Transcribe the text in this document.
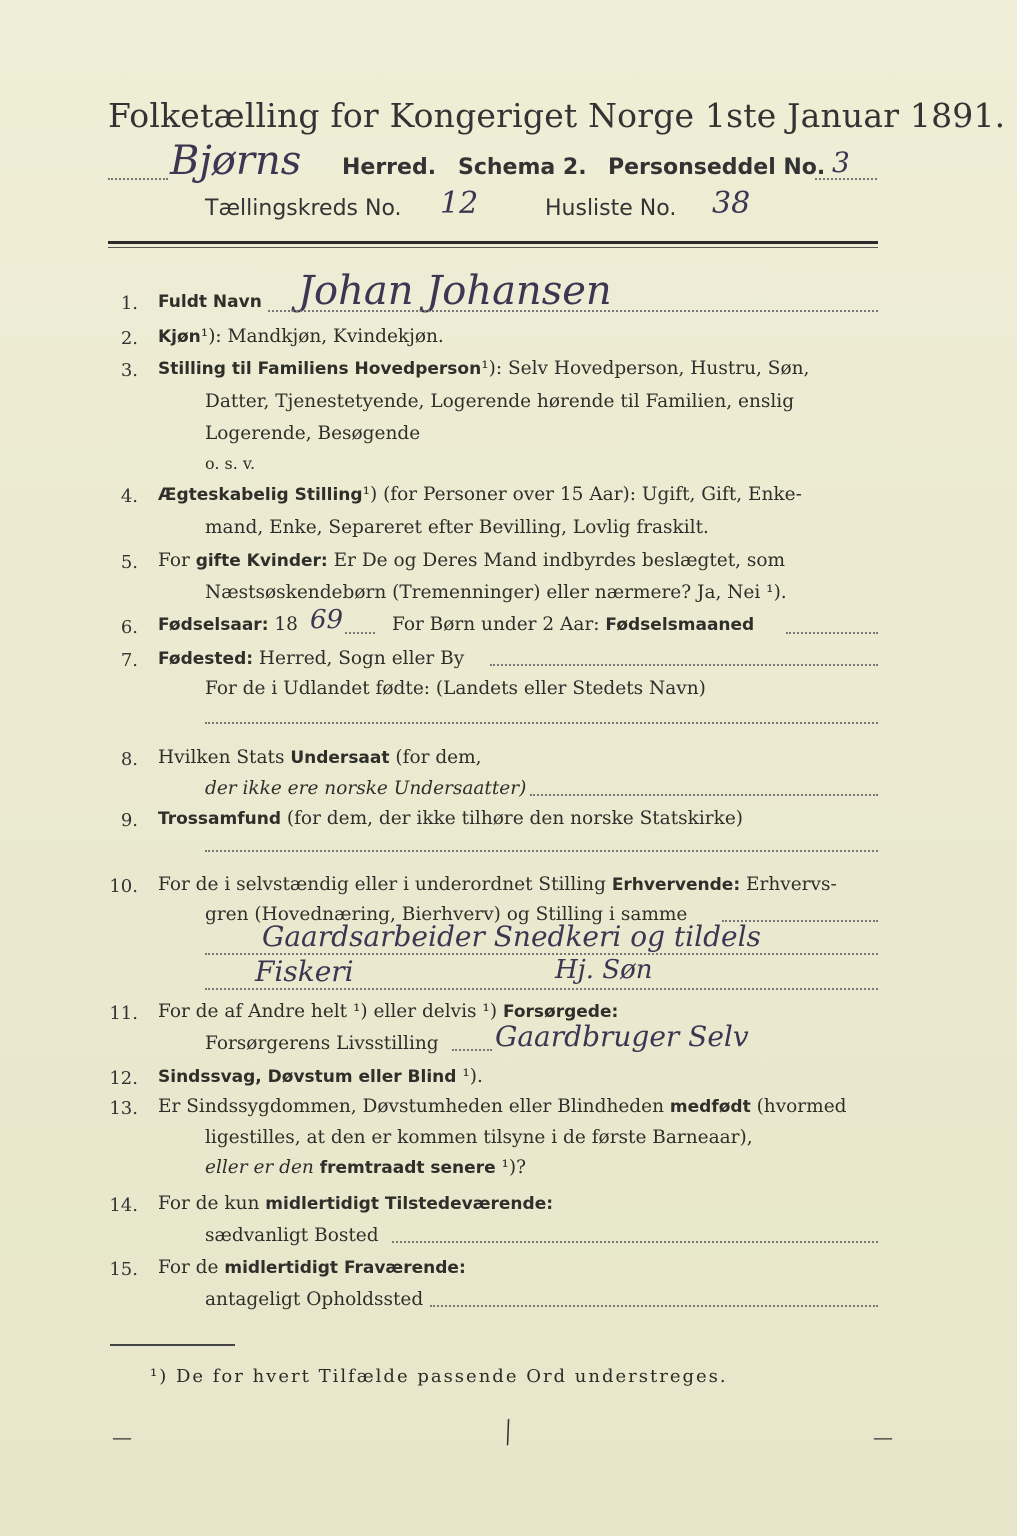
Folketælling for Kongeriget Norge 1ste Januar 1891.
Bjørns Herred. Schema 2. Personseddel No. 3
Tællingskreds No. 12	Husliste No. 38
1. Fuldt Navn Johan Johansen
2. Kjøn¹): Mandkjøn, Kvindekjøn.
3. Stilling til Familiens Hovedperson¹): Selv Hovedperson, Hustru, Søn,
Datter, Tjenestetyende, Logerende hørende til Familien, enslig
Logerende, Besøgende
o. s. v.
4. Ægteskabelig Stilling¹) (for Personer over 15 Aar): Ugift, Gift, Enke-
mand, Enke, Separeret efter Bevilling, Lovlig fraskilt.
5. For gifte Kvinder: Er De og Deres Mand indbyrdes beslægtet, som
Næstsøskendebørn (Tremenninger) eller nærmere? Ja, Nei ¹).
6. Fødselsaar: 18 69	For Børn under 2 Aar: Fødselsmaaned
7. Fødested: Herred, Sogn eller By
For de i Udlandet fødte: (Landets eller Stedets Navn)
8. Hvilken Stats Undersaat (for dem,
der ikke ere norske Undersaatter)
9. Trossamfund (for dem, der ikke tilhøre den norske Statskirke)
10. For de i selvstændig eller i underordnet Stilling Erhvervende: Erhvervs-
gren (Hovednæring, Bierhverv) og Stilling i samme
Gaardsarbeider Snedkeri og tildels
Fiskeri	Hj. Søn
11. For de af Andre helt ¹) eller delvis ¹) Forsørgede:
Forsørgerens Livsstilling Gaardbruger Selv
12. Sindssvag, Døvstum eller Blind ¹).
13. Er Sindssygdommen, Døvstumheden eller Blindheden medfødt (hvormed
ligestilles, at den er kommen tilsyne i de første Barneaar),
eller er den fremtraadt senere ¹)?
14. For de kun midlertidigt Tilstedeværende:
sædvanligt Bosted
15. For de midlertidigt Fraværende:
antageligt Opholdssted
¹) De for hvert Tilfælde passende Ord understreges.
—	╱	—
